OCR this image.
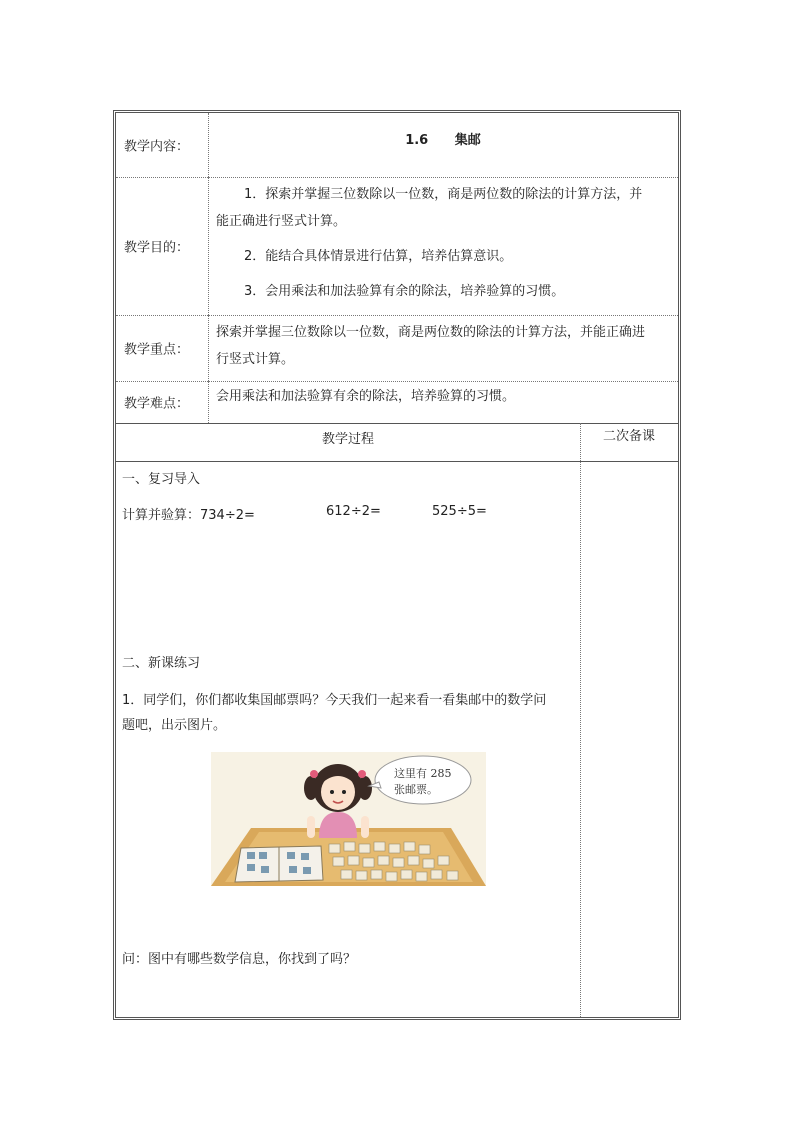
教学内容：	1.6 集邮
教学目的：

1．探索并掌握三位数除以一位数，商是两位数的除法的计算方法，并

能正确进行竖式计算。

2．能结合具体情景进行估算，培养估算意识。

3．会用乘法和加法验算有余的除法，培养验算的习惯。

教学重点：

探索并掌握三位数除以一位数，商是两位数的除法的计算方法，并能正确进

行竖式计算。

教学难点： 会用乘法和加法验算有余的除法，培养验算的习惯。

教学过程	二次备课
一、复习导入
计算并验算：734÷2=	612÷2=	525÷5=
二、新课练习
1．同学们，你们都收集国邮票吗？今天我们一起来看一看集邮中的数学问
题吧，出示图片。
这里有 285
张邮票。
问：图中有哪些数学信息，你找到了吗？
